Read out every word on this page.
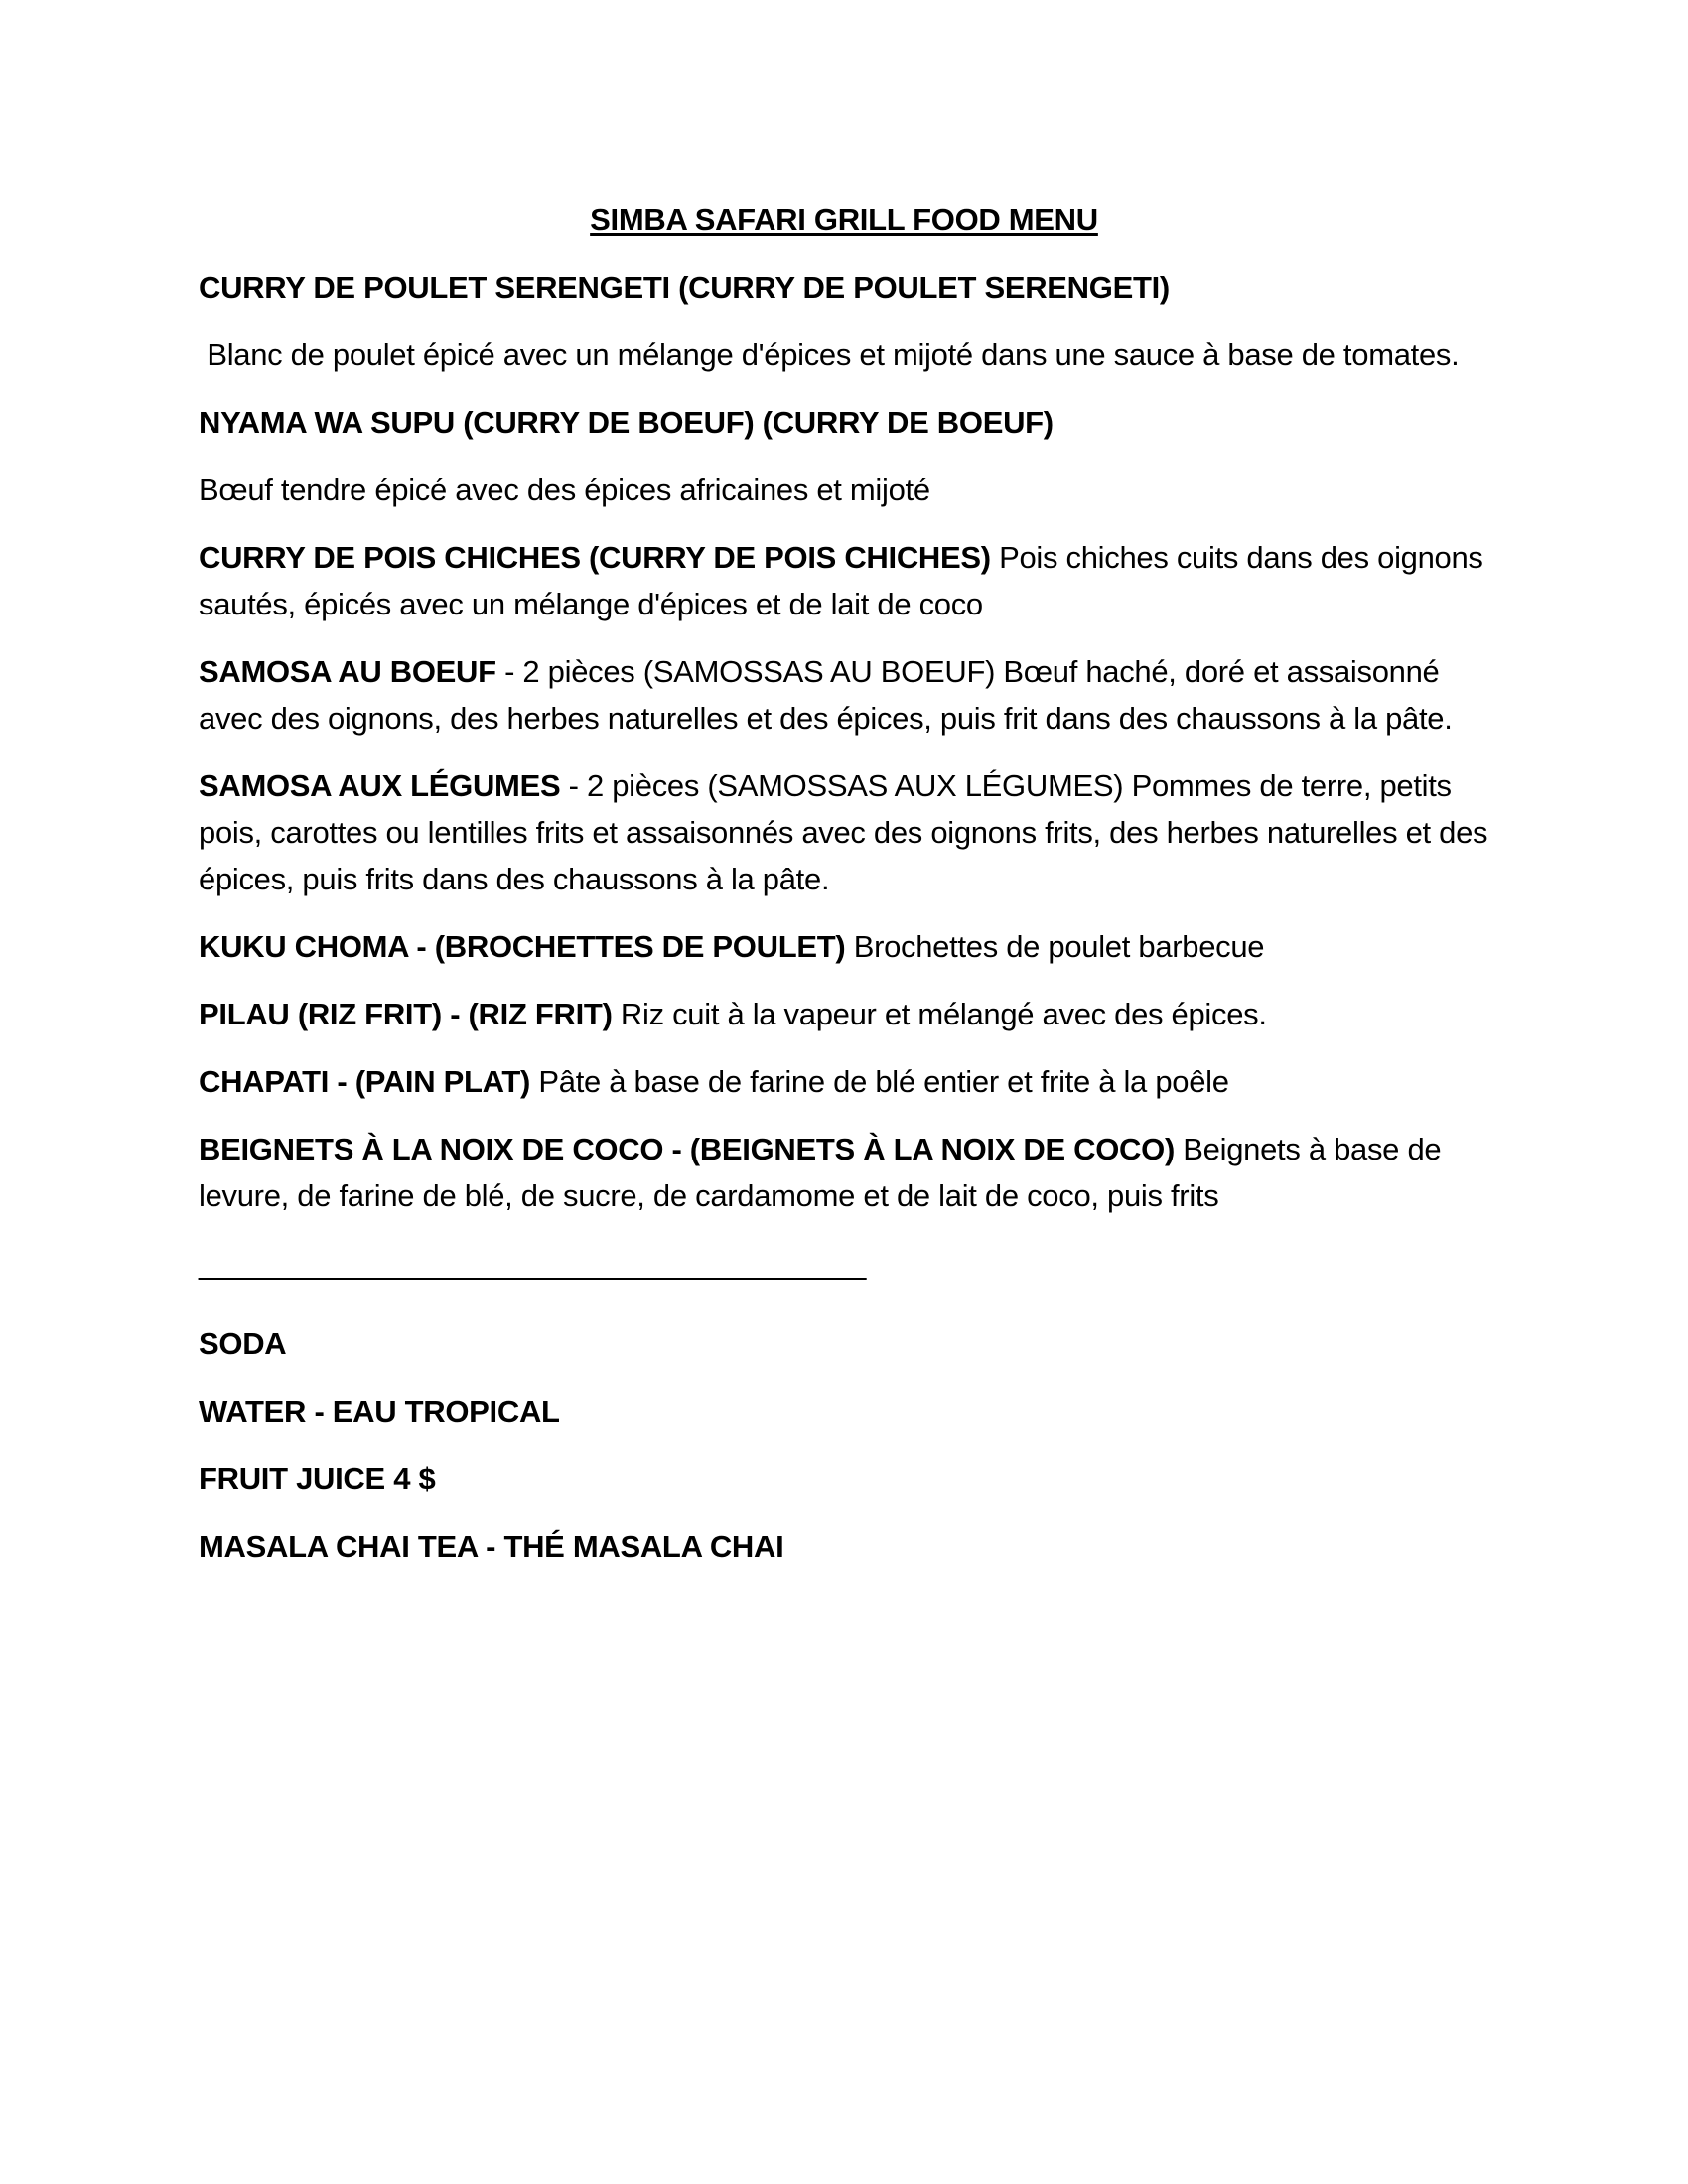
SIMBA SAFARI GRILL FOOD MENU

CURRY DE POULET SERENGETI (CURRY DE POULET SERENGETI)

Blanc de poulet épicé avec un mélange d'épices et mijoté dans une sauce à base de tomates.

NYAMA WA SUPU (CURRY DE BOEUF) (CURRY DE BOEUF)

Bœuf tendre épicé avec des épices africaines et mijoté

CURRY DE POIS CHICHES (CURRY DE POIS CHICHES) Pois chiches cuits dans des oignons sautés, épicés avec un mélange d'épices et de lait de coco

SAMOSA AU BOEUF - 2 pièces (SAMOSSAS AU BOEUF) Bœuf haché, doré et assaisonné avec des oignons, des herbes naturelles et des épices, puis frit dans des chaussons à la pâte.

SAMOSA AUX LÉGUMES - 2 pièces (SAMOSSAS AUX LÉGUMES) Pommes de terre, petits pois, carottes ou lentilles frits et assaisonnés avec des oignons frits, des herbes naturelles et des épices, puis frits dans des chaussons à la pâte.

KUKU CHOMA - (BROCHETTES DE POULET) Brochettes de poulet barbecue

PILAU (RIZ FRIT) - (RIZ FRIT) Riz cuit à la vapeur et mélangé avec des épices.

CHAPATI - (PAIN PLAT) Pâte à base de farine de blé entier et frite à la poêle

BEIGNETS À LA NOIX DE COCO - (BEIGNETS À LA NOIX DE COCO) Beignets à base de levure, de farine de blé, de sucre, de cardamome et de lait de coco, puis frits

_______________________________________

SODA

WATER - EAU TROPICAL

FRUIT JUICE 4 $

MASALA CHAI TEA - THÉ MASALA CHAI
